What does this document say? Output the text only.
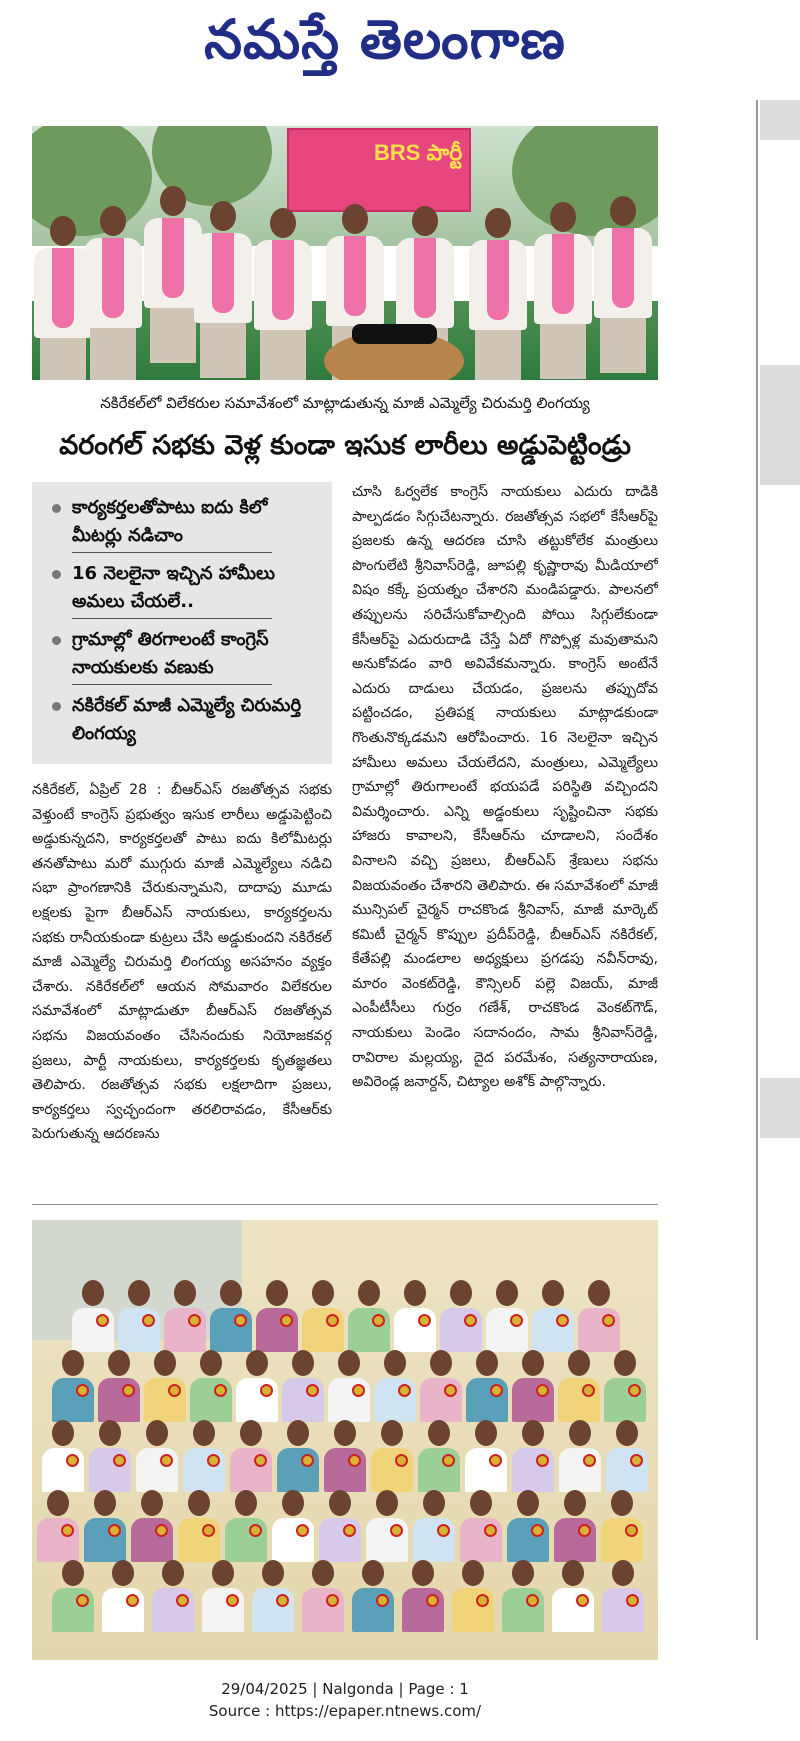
నమస్తే తెలంగాణ
BRS పార్టీ
నకిరేకల్‌లో విలేకరుల సమావేశంలో మాట్లాడుతున్న మాజీ ఎమ్మెల్యే చిరుమర్తి లింగయ్య
వరంగల్ సభకు వెళ్ల కుండా ఇసుక లారీలు అడ్డుపెట్టిండ్రు
కార్యకర్తలతోపాటు ఐదు కిలో మీటర్లు నడిచాం
16 నెలలైనా ఇచ్చిన హామీలు అమలు చేయలే..
గ్రామాల్లో తిరగాలంటే కాంగ్రెస్ నాయకులకు వణుకు
నకిరేకల్ మాజీ ఎమ్మెల్యే చిరుమర్తి లింగయ్య
నకిరేకల్, ఏప్రిల్ 28 : బీఆర్‌ఎస్ రజతోత్సవ సభకు వెళ్తుంటే కాంగ్రెస్ ప్రభుత్వం ఇసుక లారీలు అడ్డుపెట్టించి అడ్డుకున్నదని, కార్యకర్తలతో పాటు ఐదు కిలోమీటర్లు తనతోపాటు మరో ముగ్గురు మాజీ ఎమ్మెల్యేలు నడిచి సభా ప్రాంగణానికి చేరుకున్నామని, దాదాపు మూడు లక్షలకు పైగా బీఆర్‌ఎస్ నాయకులు, కార్యకర్తలను సభకు రానీయకుండా కుట్రలు చేసి అడ్డుకుందని నకిరేకల్ మాజీ ఎమ్మెల్యే చిరుమర్తి లింగయ్య అసహనం వ్యక్తం చేశారు. నకిరేకల్‌లో ఆయన సోమవారం విలేకరుల సమావేశంలో మాట్లాడుతూ బీఆర్‌ఎస్ రజతోత్సవ సభను విజయవంతం చేసినందుకు నియోజకవర్గ ప్రజలు, పార్టీ నాయకులు, కార్యకర్తలకు కృతజ్ఞతలు తెలిపారు. రజతోత్సవ సభకు లక్షలాదిగా ప్రజలు, కార్యకర్తలు స్వచ్ఛందంగా తరలిరావడం, కేసీఆర్‌కు పెరుగుతున్న ఆదరణను
చూసి ఓర్వలేక కాంగ్రెస్ నాయకులు ఎదురు దాడికి పాల్పడడం సిగ్గుచేటన్నారు. రజతోత్సవ సభలో కేసీఆర్‌పై ప్రజలకు ఉన్న ఆదరణ చూసి తట్టుకోలేక మంత్రులు పొంగులేటి శ్రీనివాస్‌రెడ్డి, జూపల్లి కృష్ణారావు మీడియాలో విషం కక్కే ప్రయత్నం చేశారని మండిపడ్డారు. పాలనలో తప్పులను సరిచేసుకోవాల్సింది పోయి సిగ్గులేకుండా కేసీఆర్‌పై ఎదురుదాడి చేస్తే ఏదో గొప్పోళ్ల మవుతామని అనుకోవడం వారి అవివేకమన్నారు. కాంగ్రెస్ అంటేనే ఎదురు దాడులు చేయడం, ప్రజలను తప్పుదోవ పట్టించడం, ప్రతిపక్ష నాయకులు మాట్లాడకుండా గొంతునొక్కడమని ఆరోపించారు. 16 నెలలైనా ఇచ్చిన హామీలు అమలు చేయలేదని, మంత్రులు, ఎమ్మెల్యేలు గ్రామాల్లో తిరుగాలంటే భయపడే పరిస్థితి వచ్చిందని విమర్శించారు. ఎన్ని అడ్డంకులు సృష్టించినా సభకు హాజరు కావాలని, కేసీఆర్‌ను చూడాలని, సందేశం వినాలని వచ్చి ప్రజలు, బీఆర్‌ఎస్ శ్రేణులు సభను విజయవంతం చేశారని తెలిపారు. ఈ సమావేశంలో మాజీ మున్సిపల్ చైర్మన్ రాచకొండ శ్రీనివాస్, మాజీ మార్కెట్ కమిటీ చైర్మన్ కొప్పుల ప్రదీప్‌రెడ్డి, బీఆర్‌ఎస్ నకిరేకల్, కేతేపల్లి మండలాల అధ్యక్షులు ప్రగడపు నవీన్‌రావు, మారం వెంకట్‌రెడ్డి, కౌన్సిలర్ పల్లె విజయ్, మాజీ ఎంపీటీసీలు గుర్రం గణేశ్, రాచకొండ వెంకట్‌గౌడ్, నాయకులు పెండెం సదానందం, సామ శ్రీనివాస్‌రెడ్డి, రావిరాల మల్లయ్య, దైద పరమేశం, సత్యనారాయణ, అవిరెండ్ల జనార్దన్, చిట్యాల అశోక్ పాల్గొన్నారు.
29/04/2025 | Nalgonda | Page : 1
Source : https://epaper.ntnews.com/
